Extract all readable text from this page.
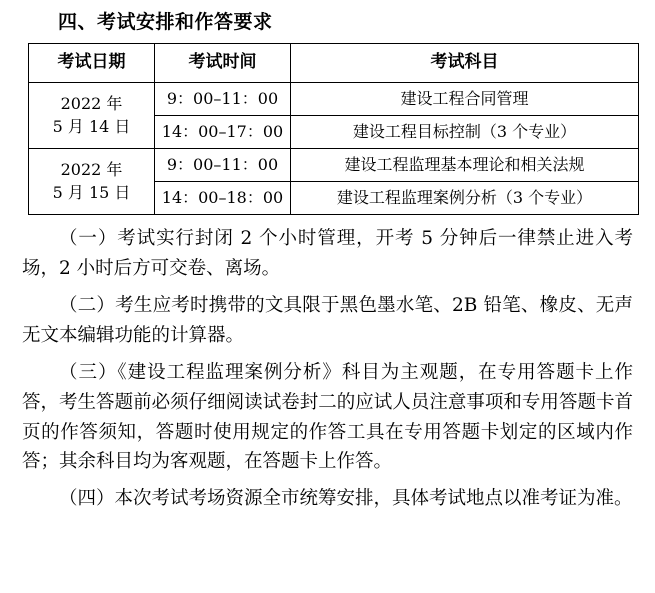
四、考试安排和作答要求
考试日期	考试时间	考试科目

2022 年
5 月 14 日	9：00–11：00	建设工程合同管理
	14：00–17：00	建设工程目标控制（3 个专业）

2022 年
5 月 15 日	9：00–11：00	建设工程监理基本理论和相关法规
	14：00–18：00	建设工程监理案例分析（3 个专业）

（一）考试实行封闭 2 个小时管理，开考 5 分钟后一律禁止进入考场，2 小时后方可交卷、离场。

（二）考生应考时携带的文具限于黑色墨水笔、2B 铅笔、橡皮、无声无文本编辑功能的计算器。

（三）《建设工程监理案例分析》科目为主观题，在专用答题卡上作答，考生答题前必须仔细阅读试卷封二的应试人员注意事项和专用答题卡首页的作答须知，答题时使用规定的作答工具在专用答题卡划定的区域内作答；其余科目均为客观题，在答题卡上作答。

（四）本次考试考场资源全市统筹安排，具体考试地点以准考证为准。
